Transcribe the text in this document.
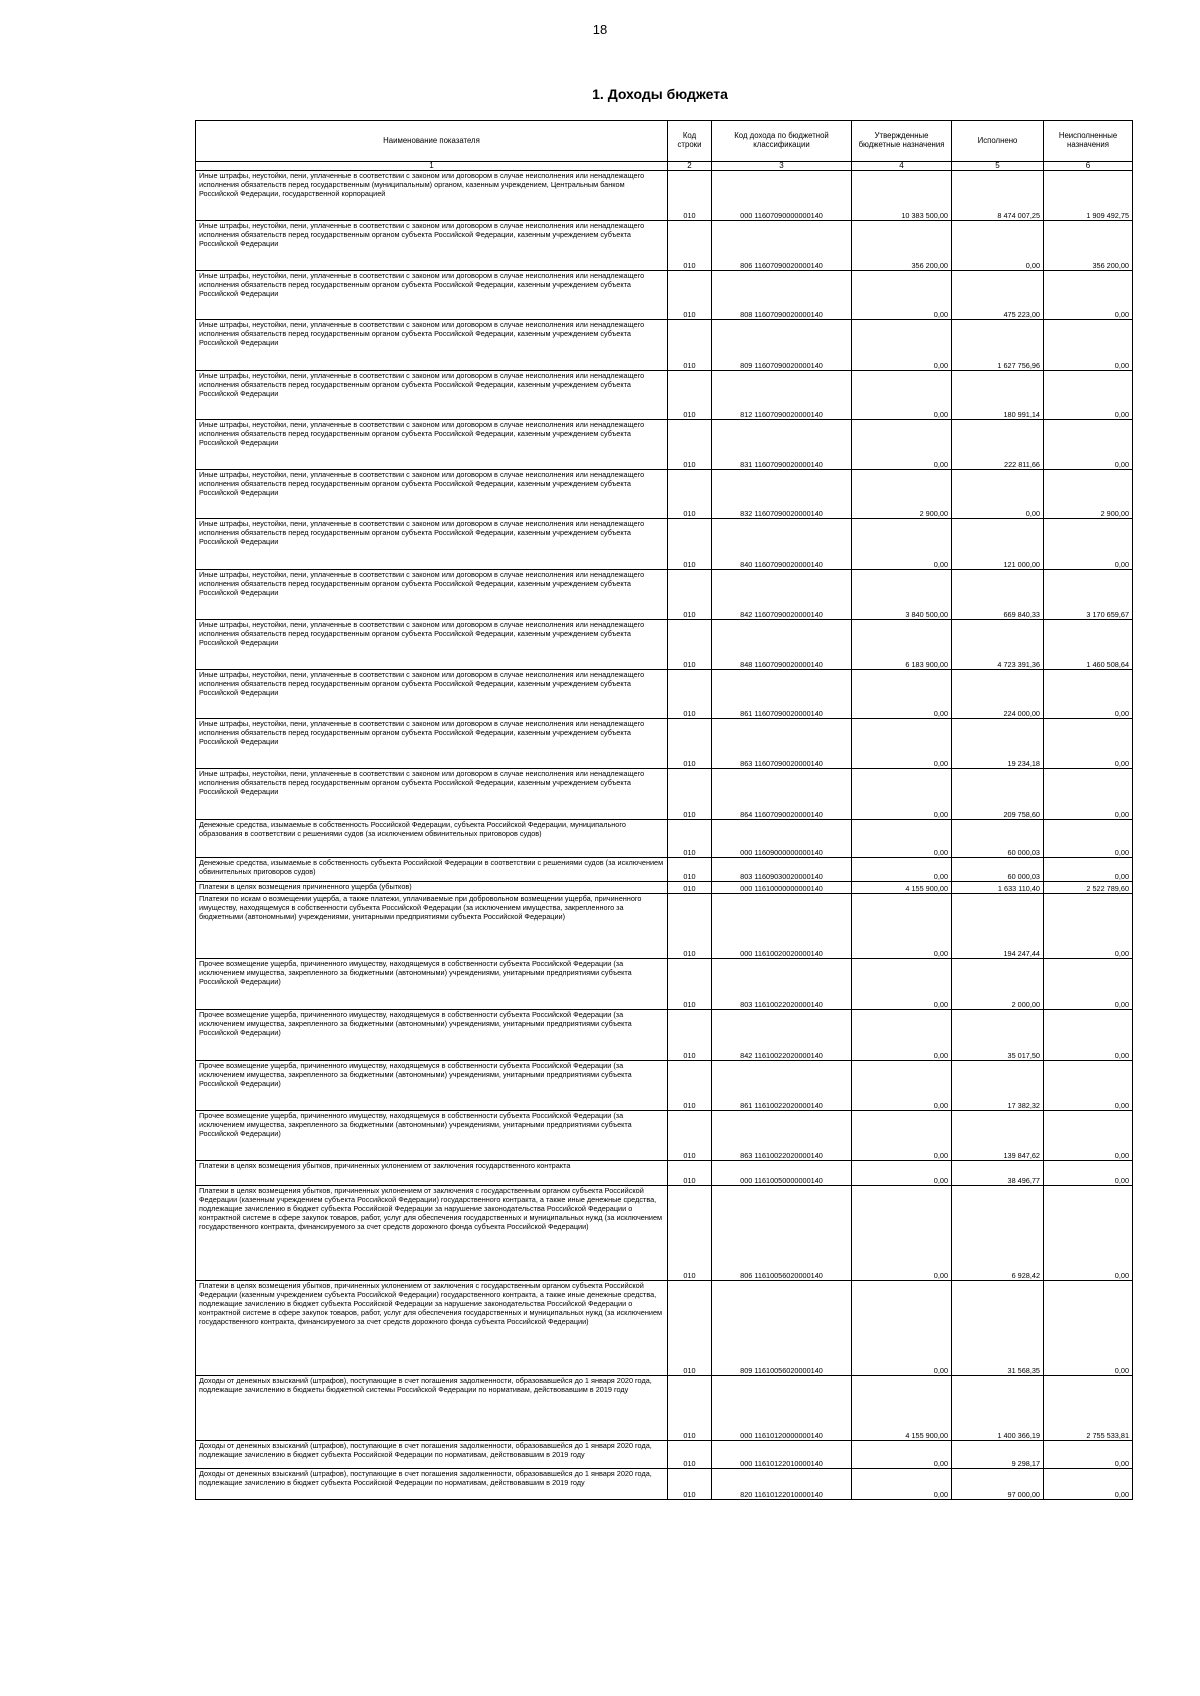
18
1. Доходы бюджета
Наименование показателя	Код строки	Код дохода по бюджетной классификации	Утвержденные бюджетные назначения	Исполнено	Неисполненные назначения
1	2	3	4	5	6
Иные штрафы, неустойки, пени, уплаченные в соответствии с законом или договором в случае неисполнения или ненадлежащего исполнения обязательств перед государственным (муниципальным) органом, казенным учреждением, Центральным банком Российской Федерации, государственной корпорацией	010	000 11607090000000140	10 383 500,00	8 474 007,25	1 909 492,75
Иные штрафы, неустойки, пени, уплаченные в соответствии с законом или договором в случае неисполнения или ненадлежащего исполнения обязательств перед государственным органом субъекта Российской Федерации, казенным учреждением субъекта Российской Федерации	010	806 11607090020000140	356 200,00	0,00	356 200,00
Иные штрафы, неустойки, пени, уплаченные в соответствии с законом или договором в случае неисполнения или ненадлежащего исполнения обязательств перед государственным органом субъекта Российской Федерации, казенным учреждением субъекта Российской Федерации	010	808 11607090020000140	0,00	475 223,00	0,00
Иные штрафы, неустойки, пени, уплаченные в соответствии с законом или договором в случае неисполнения или ненадлежащего исполнения обязательств перед государственным органом субъекта Российской Федерации, казенным учреждением субъекта Российской Федерации	010	809 11607090020000140	0,00	1 627 756,96	0,00
Иные штрафы, неустойки, пени, уплаченные в соответствии с законом или договором в случае неисполнения или ненадлежащего исполнения обязательств перед государственным органом субъекта Российской Федерации, казенным учреждением субъекта Российской Федерации	010	812 11607090020000140	0,00	180 991,14	0,00
Иные штрафы, неустойки, пени, уплаченные в соответствии с законом или договором в случае неисполнения или ненадлежащего исполнения обязательств перед государственным органом субъекта Российской Федерации, казенным учреждением субъекта Российской Федерации	010	831 11607090020000140	0,00	222 811,66	0,00
Иные штрафы, неустойки, пени, уплаченные в соответствии с законом или договором в случае неисполнения или ненадлежащего исполнения обязательств перед государственным органом субъекта Российской Федерации, казенным учреждением субъекта Российской Федерации	010	832 11607090020000140	2 900,00	0,00	2 900,00
Иные штрафы, неустойки, пени, уплаченные в соответствии с законом или договором в случае неисполнения или ненадлежащего исполнения обязательств перед государственным органом субъекта Российской Федерации, казенным учреждением субъекта Российской Федерации	010	840 11607090020000140	0,00	121 000,00	0,00
Иные штрафы, неустойки, пени, уплаченные в соответствии с законом или договором в случае неисполнения или ненадлежащего исполнения обязательств перед государственным органом субъекта Российской Федерации, казенным учреждением субъекта Российской Федерации	010	842 11607090020000140	3 840 500,00	669 840,33	3 170 659,67
Иные штрафы, неустойки, пени, уплаченные в соответствии с законом или договором в случае неисполнения или ненадлежащего исполнения обязательств перед государственным органом субъекта Российской Федерации, казенным учреждением субъекта Российской Федерации	010	848 11607090020000140	6 183 900,00	4 723 391,36	1 460 508,64
Иные штрафы, неустойки, пени, уплаченные в соответствии с законом или договором в случае неисполнения или ненадлежащего исполнения обязательств перед государственным органом субъекта Российской Федерации, казенным учреждением субъекта Российской Федерации	010	861 11607090020000140	0,00	224 000,00	0,00
Иные штрафы, неустойки, пени, уплаченные в соответствии с законом или договором в случае неисполнения или ненадлежащего исполнения обязательств перед государственным органом субъекта Российской Федерации, казенным учреждением субъекта Российской Федерации	010	863 11607090020000140	0,00	19 234,18	0,00
Иные штрафы, неустойки, пени, уплаченные в соответствии с законом или договором в случае неисполнения или ненадлежащего исполнения обязательств перед государственным органом субъекта Российской Федерации, казенным учреждением субъекта Российской Федерации	010	864 11607090020000140	0,00	209 758,60	0,00
Денежные средства, изымаемые в собственность Российской Федерации, субъекта Российской Федерации, муниципального образования в соответствии с решениями судов (за исключением обвинительных приговоров судов)	010	000 11609000000000140	0,00	60 000,03	0,00
Денежные средства, изымаемые в собственность субъекта Российской Федерации в соответствии с решениями судов (за исключением обвинительных приговоров судов)	010	803 11609030020000140	0,00	60 000,03	0,00
Платежи в целях возмещения причиненного ущерба (убытков)	010	000 11610000000000140	4 155 900,00	1 633 110,40	2 522 789,60
Платежи по искам о возмещении ущерба, а также платежи, уплачиваемые при добровольном возмещении ущерба, причиненного имуществу, находящемуся в собственности субъекта Российской Федерации (за исключением имущества, закрепленного за бюджетными (автономными) учреждениями, унитарными предприятиями субъекта Российской Федерации)	010	000 11610020020000140	0,00	194 247,44	0,00
Прочее возмещение ущерба, причиненного имуществу, находящемуся в собственности субъекта Российской Федерации (за исключением имущества, закрепленного за бюджетными (автономными) учреждениями, унитарными предприятиями субъекта Российской Федерации)	010	803 11610022020000140	0,00	2 000,00	0,00
Прочее возмещение ущерба, причиненного имуществу, находящемуся в собственности субъекта Российской Федерации (за исключением имущества, закрепленного за бюджетными (автономными) учреждениями, унитарными предприятиями субъекта Российской Федерации)	010	842 11610022020000140	0,00	35 017,50	0,00
Прочее возмещение ущерба, причиненного имуществу, находящемуся в собственности субъекта Российской Федерации (за исключением имущества, закрепленного за бюджетными (автономными) учреждениями, унитарными предприятиями субъекта Российской Федерации)	010	861 11610022020000140	0,00	17 382,32	0,00
Прочее возмещение ущерба, причиненного имуществу, находящемуся в собственности субъекта Российской Федерации (за исключением имущества, закрепленного за бюджетными (автономными) учреждениями, унитарными предприятиями субъекта Российской Федерации)	010	863 11610022020000140	0,00	139 847,62	0,00
Платежи в целях возмещения убытков, причиненных уклонением от заключения государственного контракта	010	000 11610050000000140	0,00	38 496,77	0,00
Платежи в целях возмещения убытков, причиненных уклонением от заключения с государственным органом субъекта Российской Федерации (казенным учреждением субъекта Российской Федерации) государственного контракта, а также иные денежные средства, подлежащие зачислению в бюджет субъекта Российской Федерации за нарушение законодательства Российской Федерации о контрактной системе в сфере закупок товаров, работ, услуг для обеспечения государственных и муниципальных нужд (за исключением государственного контракта, финансируемого за счет средств дорожного фонда субъекта Российской Федерации)	010	806 11610056020000140	0,00	6 928,42	0,00
Платежи в целях возмещения убытков, причиненных уклонением от заключения с государственным органом субъекта Российской Федерации (казенным учреждением субъекта Российской Федерации) государственного контракта, а также иные денежные средства, подлежащие зачислению в бюджет субъекта Российской Федерации за нарушение законодательства Российской Федерации о контрактной системе в сфере закупок товаров, работ, услуг для обеспечения государственных и муниципальных нужд (за исключением государственного контракта, финансируемого за счет средств дорожного фонда субъекта Российской Федерации)	010	809 11610056020000140	0,00	31 568,35	0,00
Доходы от денежных взысканий (штрафов), поступающие в счет погашения задолженности, образовавшейся до 1 января 2020 года, подлежащие зачислению в бюджеты бюджетной системы Российской Федерации по нормативам, действовавшим в 2019 году	010	000 11610120000000140	4 155 900,00	1 400 366,19	2 755 533,81
Доходы от денежных взысканий (штрафов), поступающие в счет погашения задолженности, образовавшейся до 1 января 2020 года, подлежащие зачислению в бюджет субъекта Российской Федерации по нормативам, действовавшим в 2019 году	010	000 11610122010000140	0,00	9 298,17	0,00
Доходы от денежных взысканий (штрафов), поступающие в счет погашения задолженности, образовавшейся до 1 января 2020 года, подлежащие зачислению в бюджет субъекта Российской Федерации по нормативам, действовавшим в 2019 году	010	820 11610122010000140	0,00	97 000,00	0,00
